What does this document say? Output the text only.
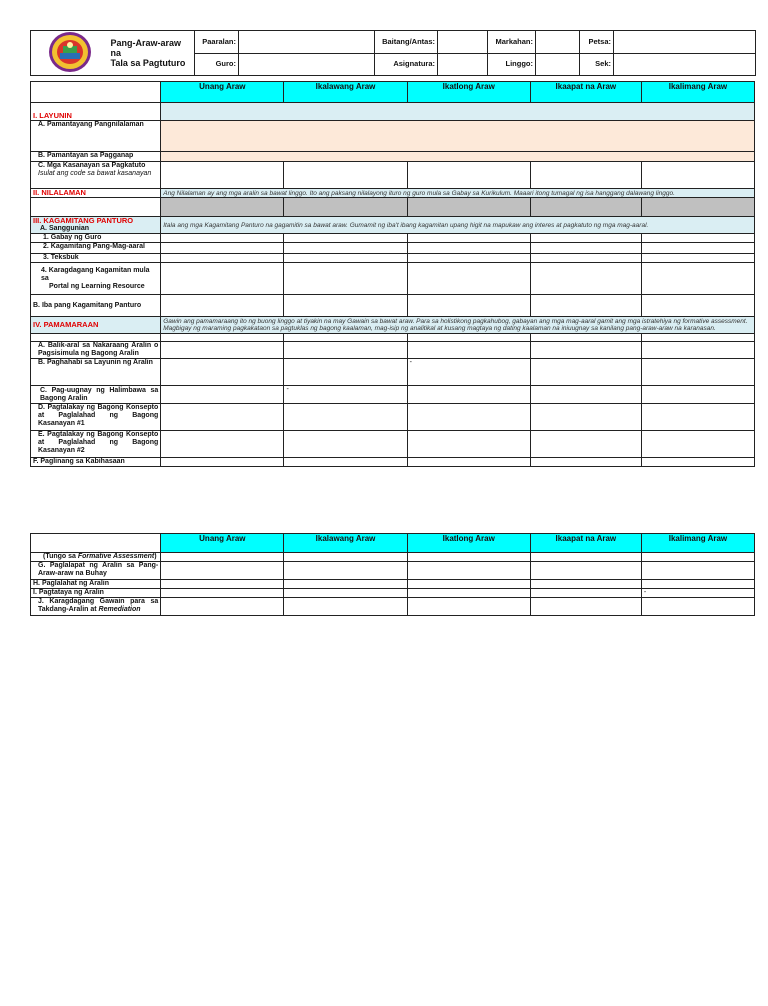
Pang-Araw-araw na
Tala sa Pagtuturo	Paaralan:		Baitang/Antas:		Markahan:		Petsa:	
		Guro:		Asignatura:		Linggo:		Sek:	
	Unang Araw	Ikalawang Araw	Ikatlong Araw	Ikaapat na Araw	Ikalimang Araw
I. LAYUNIN					
A. Pamantayang Pangnilalaman					
B. Pamantayan sa Pagganap					

C. Mga Kasanayan sa Pagkatuto
Isulat ang code sa bawat kasanayan					

II. NILALAMAN	Ang Nilalaman ay ang mga aralin sa bawat linggo. Ito ang paksang nilalayong ituro ng guro mula sa Gabay sa Kurikulum. Maaari itong tumagal ng isa hanggang dalawang linggo.				

III. KAGAMITANG PANTURO
A. Sanggunian	Itala ang mga Kagamitang Panturo na gagamitin sa bawat araw. Gumamit ng iba't ibang kagamitan upang higit na mapukaw ang interes at pagkatuto ng mga mag-aaral.				
1. Gabay ng Guro					
2. Kagamitang Pang-Mag-aaral					
3. Teksbuk					

4. Karagdagang Kagamitan mula sa
Portal ng Learning Resource					

B. Iba pang Kagamitang Panturo					
IV. PAMAMARAAN	Gawin ang pamamaraang ito ng buong linggo at tiyakin na may Gawain sa bawat araw. Para sa holistikong pagkahubog, gabayan ang mga mag-aaral gamit ang mga istratehiya ng formative assessment. Magbigay ng maraming pagkakataon sa pagtuklas ng bagong kaalaman, mag-isip ng analitikal at kusang magtaya ng dating kaalaman na iniuugnay sa kanilang pang-araw-araw na karanasan.				

A. Balik-aral sa Nakaraang Aralin o Pagsisimula ng Bagong Aralin					
B. Paghahabi sa Layunin ng Aralin			-		
C. Pag-uugnay ng Halimbawa sa Bagong Aralin		-			
D. Pagtalakay ng Bagong Konsepto at Paglalahad ng Bagong Kasanayan #1					
E. Pagtalakay ng Bagong Konsepto at Paglalahad ng Bagong Kasanayan #2					
F. Paglinang sa Kabihasaan					
	Unang Araw	Ikalawang Araw	Ikatlong Araw	Ikaapat na Araw	Ikalimang Araw
(Tungo sa Formative Assessment)					
G. Paglalapat ng Aralin sa Pang-Araw-araw na Buhay					
H. Paglalahat ng Aralin					
I. Pagtataya ng Aralin					-
J. Karagdagang Gawain para sa Takdang-Aralin at Remediation					
